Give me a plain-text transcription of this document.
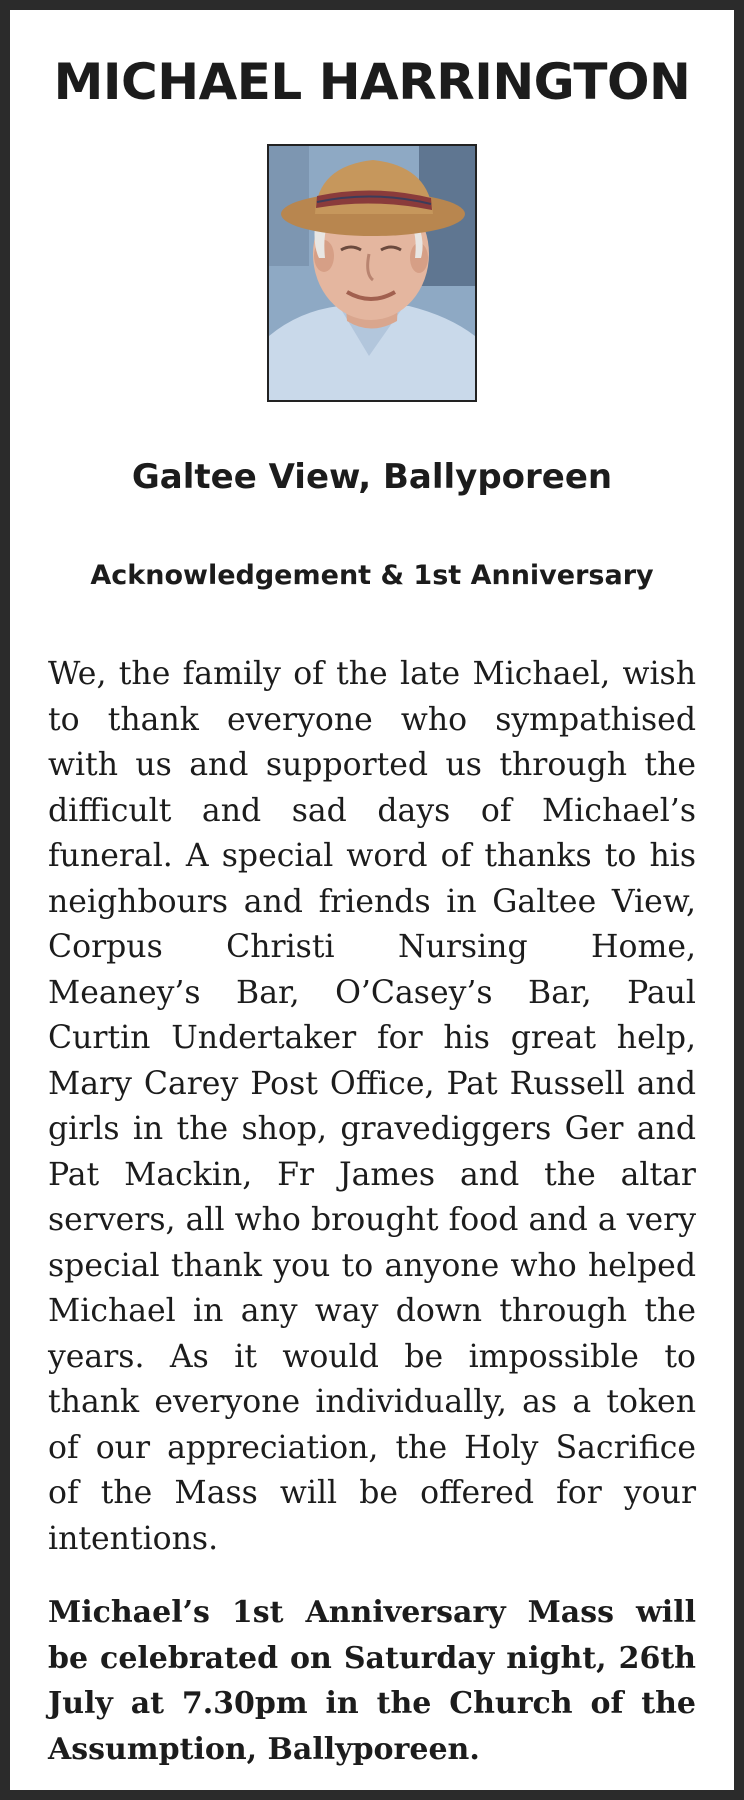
MICHAEL HARRINGTON
Galtee View, Ballyporeen
Acknowledgement & 1st Anniversary

We, the family of the late Michael, wish to thank everyone who sympathised with us and supported us through the difficult and sad days of Michael’s funeral. A special word of thanks to his neighbours and friends in Galtee View, Corpus Christi Nursing Home, Meaney’s Bar, O’Casey’s Bar, Paul Curtin Undertaker for his great help, Mary Carey Post Office, Pat Russell and girls in the shop, gravediggers Ger and Pat Mackin, Fr James and the altar servers, all who brought food and a very special thank you to anyone who helped Michael in any way down through the years. As it would be impossible to thank everyone individually, as a token of our appreciation, the Holy Sacrifice of the Mass will be offered for your intentions.

Michael’s 1st Anniversary Mass will be celebrated on Saturday night, 26th July at 7.30pm in the Church of the Assumption, Ballyporeen.
